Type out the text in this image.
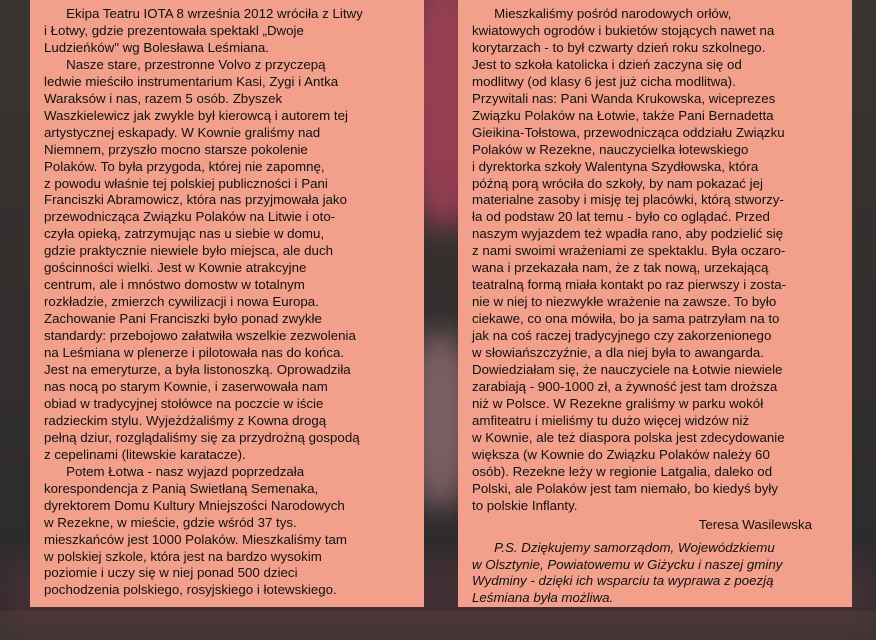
Ekipa Teatru IOTA 8 września 2012 wróciła z Litwy
i Łotwy, gdzie prezentowała spektakl „Dwoje
Ludzieńków" wg Bolesława Leśmiana.
Nasze stare, przestronne Volvo z przyczepą
ledwie mieściło instrumentarium Kasi, Zygi i Antka
Waraksów i nas, razem 5 osób. Zbyszek
Waszkielewicz jak zwykle był kierowcą i autorem tej
artystycznej eskapady. W Kownie graliśmy nad
Niemnem, przyszło mocno starsze pokolenie
Polaków. To była przygoda, której nie zapomnę,
z powodu właśnie tej polskiej publiczności i Pani
Franciszki Abramowicz, która nas przyjmowała jako
przewodnicząca Związku Polaków na Litwie i oto-
czyła opieką, zatrzymując nas u siebie w domu,
gdzie praktycznie niewiele było miejsca, ale duch
gościnności wielki. Jest w Kownie atrakcyjne
centrum, ale i mnóstwo domostw w totalnym
rozkładzie, zmierzch cywilizacji i nowa Europa.
Zachowanie Pani Franciszki było ponad zwykłe
standardy: przebojowo załatwiła wszelkie zezwolenia
na Leśmiana w plenerze i pilotowała nas do końca.
Jest na emeryturze, a była listonoszką. Oprowadziła
nas nocą po starym Kownie, i zaserwowała nam
obiad w tradycyjnej stołówce na poczcie w iście
radzieckim stylu. Wyjeżdżaliśmy z Kowna drogą
pełną dziur, rozglądaliśmy się za przydrożną gospodą
z cepelinami (litewskie karatacze).
Potem Łotwa - nasz wyjazd poprzedzała
korespondencja z Panią Swietłaną Semenaka,
dyrektorem Domu Kultury Mniejszości Narodowych
w Rezekne, w mieście, gdzie wśród 37 tys.
mieszkańców jest 1000 Polaków. Mieszkaliśmy tam
w polskiej szkole, która jest na bardzo wysokim
poziomie i uczy się w niej ponad 500 dzieci
pochodzenia polskiego, rosyjskiego i łotewskiego.

Mieszkaliśmy pośród narodowych orłów,
kwiatowych ogrodów i bukietów stojących nawet na
korytarzach - to był czwarty dzień roku szkolnego.
Jest to szkoła katolicka i dzień zaczyna się od
modlitwy (od klasy 6 jest już cicha modlitwa).
Przywitali nas: Pani Wanda Krukowska, wiceprezes
Związku Polaków na Łotwie, także Pani Bernadetta
Gieikina-Tołstowa, przewodnicząca oddziału Związku
Polaków w Rezekne, nauczycielka łotewskiego
i dyrektorka szkoły Walentyna Szydłowska, która
późną porą wróciła do szkoły, by nam pokazać jej
materialne zasoby i misję tej placówki, którą stworzy-
ła od podstaw 20 lat temu - było co oglądać. Przed
naszym wyjazdem też wpadła rano, aby podzielić się
z nami swoimi wrażeniami ze spektaklu. Była oczaro-
wana i przekazała nam, że z tak nową, urzekającą
teatralną formą miała kontakt po raz pierwszy i zosta-
nie w niej to niezwykłe wrażenie na zawsze. To było
ciekawe, co ona mówiła, bo ja sama patrzyłam na to
jak na coś raczej tradycyjnego czy zakorzenionego
w słowiańszczyźnie, a dla niej była to awangarda.
Dowiedziałam się, że nauczyciele na Łotwie niewiele
zarabiają - 900-1000 zł, a żywność jest tam droższa
niż w Polsce. W Rezekne graliśmy w parku wokół
amfiteatru i mieliśmy tu dużo więcej widzów niż
w Kownie, ale też diaspora polska jest zdecydowanie
większa (w Kownie do Związku Polaków należy 60
osób). Rezekne leży w regionie Latgalia, daleko od
Polski, ale Polaków jest tam niemało, bo kiedyś były
to polskie Inflanty.

Teresa Wasilewska

P.S. Dziękujemy samorządom, Wojewódzkiemu
w Olsztynie, Powiatowemu w Giżycku i naszej gminy
Wydminy - dzięki ich wsparciu ta wyprawa z poezją
Leśmiana była możliwa.
